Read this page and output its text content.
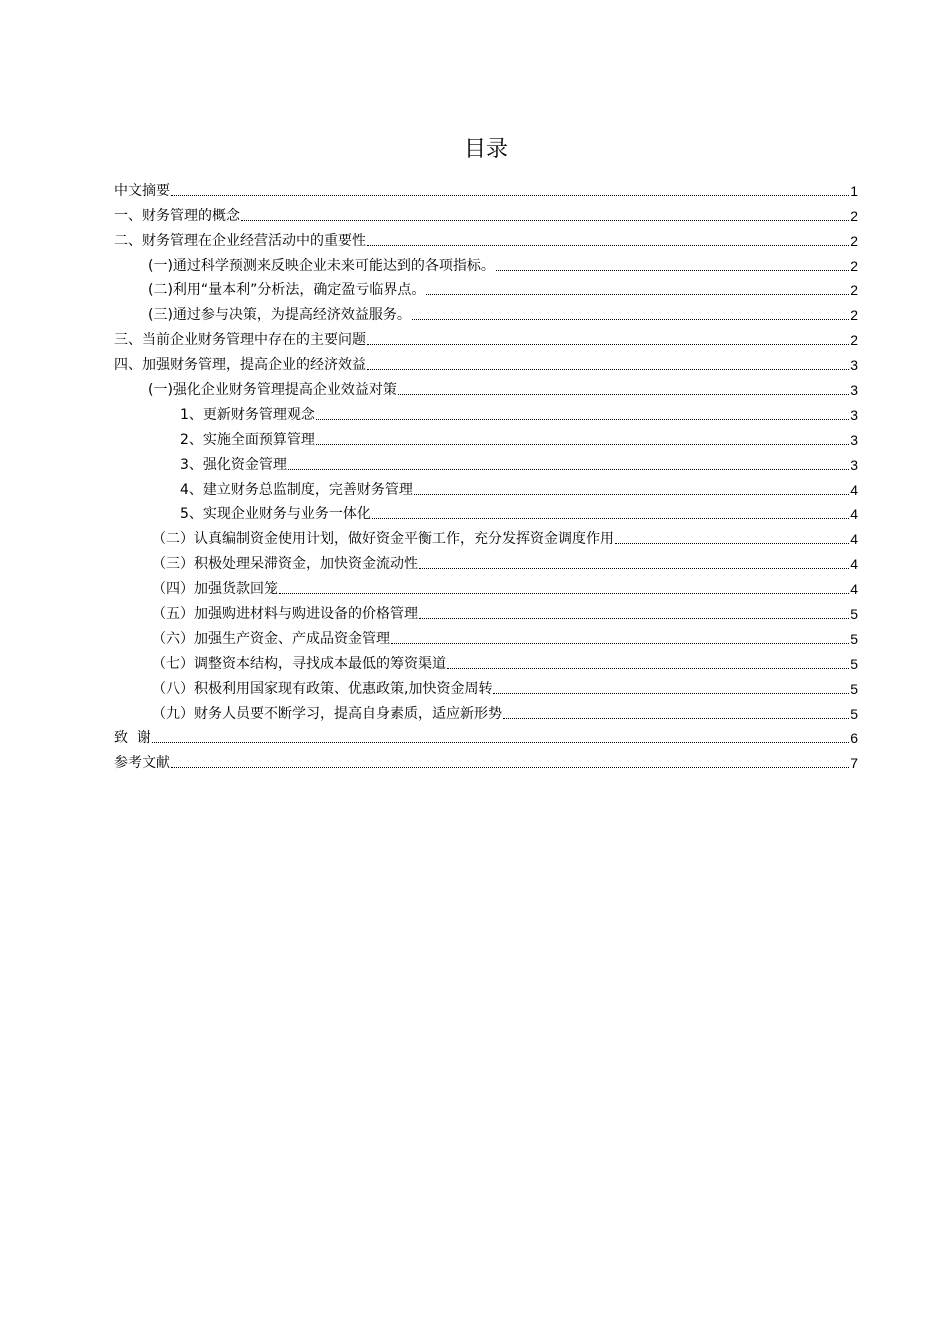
目录
中文摘要	1
一、财务管理的概念	2
二、财务管理在企业经营活动中的重要性	2
(一)通过科学预测来反映企业未来可能达到的各项指标。	2
(二)利用“量本利”分析法，确定盈亏临界点。	2
(三)通过参与决策，为提高经济效益服务。	2
三、当前企业财务管理中存在的主要问题	2
四、加强财务管理，提高企业的经济效益	3
(一)强化企业财务管理提高企业效益对策	3
1、更新财务管理观念	3
2、实施全面预算管理	3
3、强化资金管理	3
4、建立财务总监制度，完善财务管理	4
5、实现企业财务与业务一体化	4
（二）认真编制资金使用计划，做好资金平衡工作，充分发挥资金调度作用	4
（三）积极处理呆滞资金，加快资金流动性	4
（四）加强货款回笼	4
（五）加强购进材料与购进设备的价格管理	5
（六）加强生产资金、产成品资金管理	5
（七）调整资本结构，寻找成本最低的筹资渠道	5
（八）积极利用国家现有政策、优惠政策,加快资金周转	5
（九）财务人员要不断学习，提高自身素质，适应新形势	5
致  谢	6
参考文献	7
